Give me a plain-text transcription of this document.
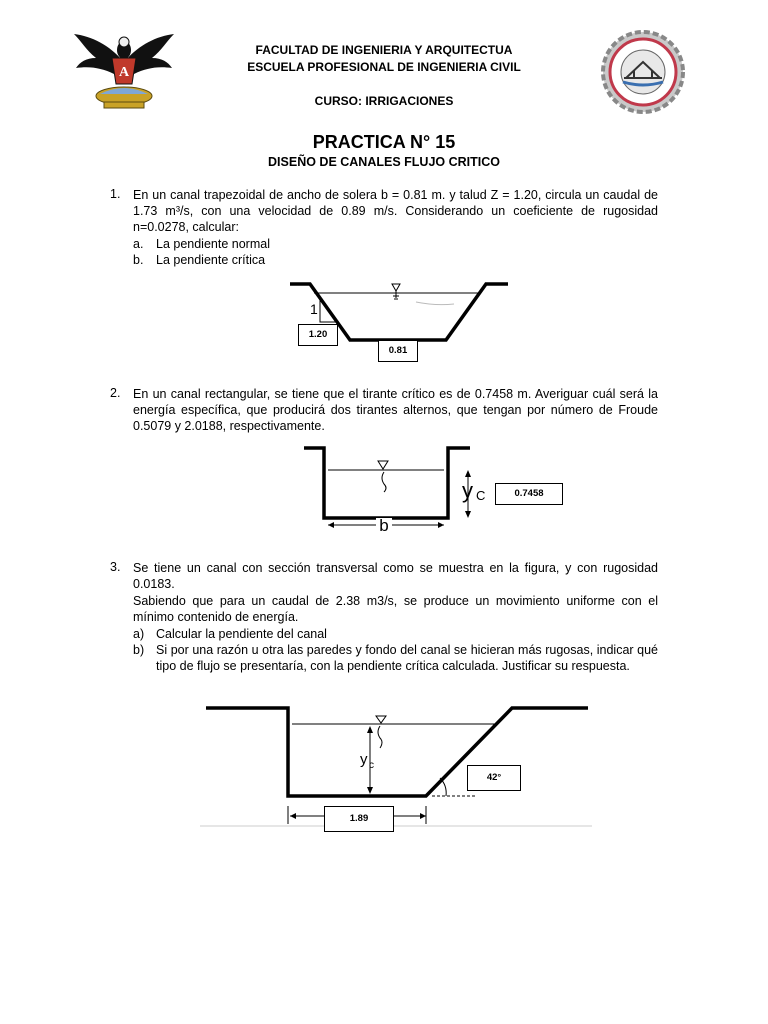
A
FACULTAD DE INGENIERIA Y ARQUITECTUA
ESCUELA PROFESIONAL DE INGENIERIA CIVIL
CURSO: IRRIGACIONES
PRACTICA N° 15
DISEÑO DE CANALES FLUJO CRITICO
1. En un canal trapezoidal de ancho de solera b = 0.81 m. y talud Z = 1.20, circula un caudal de 1.73 m³/s, con una velocidad de 0.89 m/s. Considerando un coeficiente de rugosidad n=0.0278, calcular:
a. La pendiente normal
b. La pendiente crítica
1
1.20
0.81
2. En un canal rectangular, se tiene que el tirante crítico es de 0.7458 m. Averiguar cuál será la energía específica, que producirá dos tirantes alternos, que tengan por número de Froude 0.5079 y 2.0188, respectivamente.
b
y C	0.7458
3. Se tiene un canal con sección transversal como se muestra en la figura, y con rugosidad 0.0183.
Sabiendo que para un caudal de 2.38 m3/s, se produce un movimiento uniforme con el mínimo contenido de energía.
a) Calcular la pendiente del canal
b) Si por una razón u otra las paredes y fondo del canal se hicieran más rugosas, indicar qué tipo de flujo se presentaría, con la pendiente crítica calculada. Justificar su respuesta.
y c
42°
1.89
